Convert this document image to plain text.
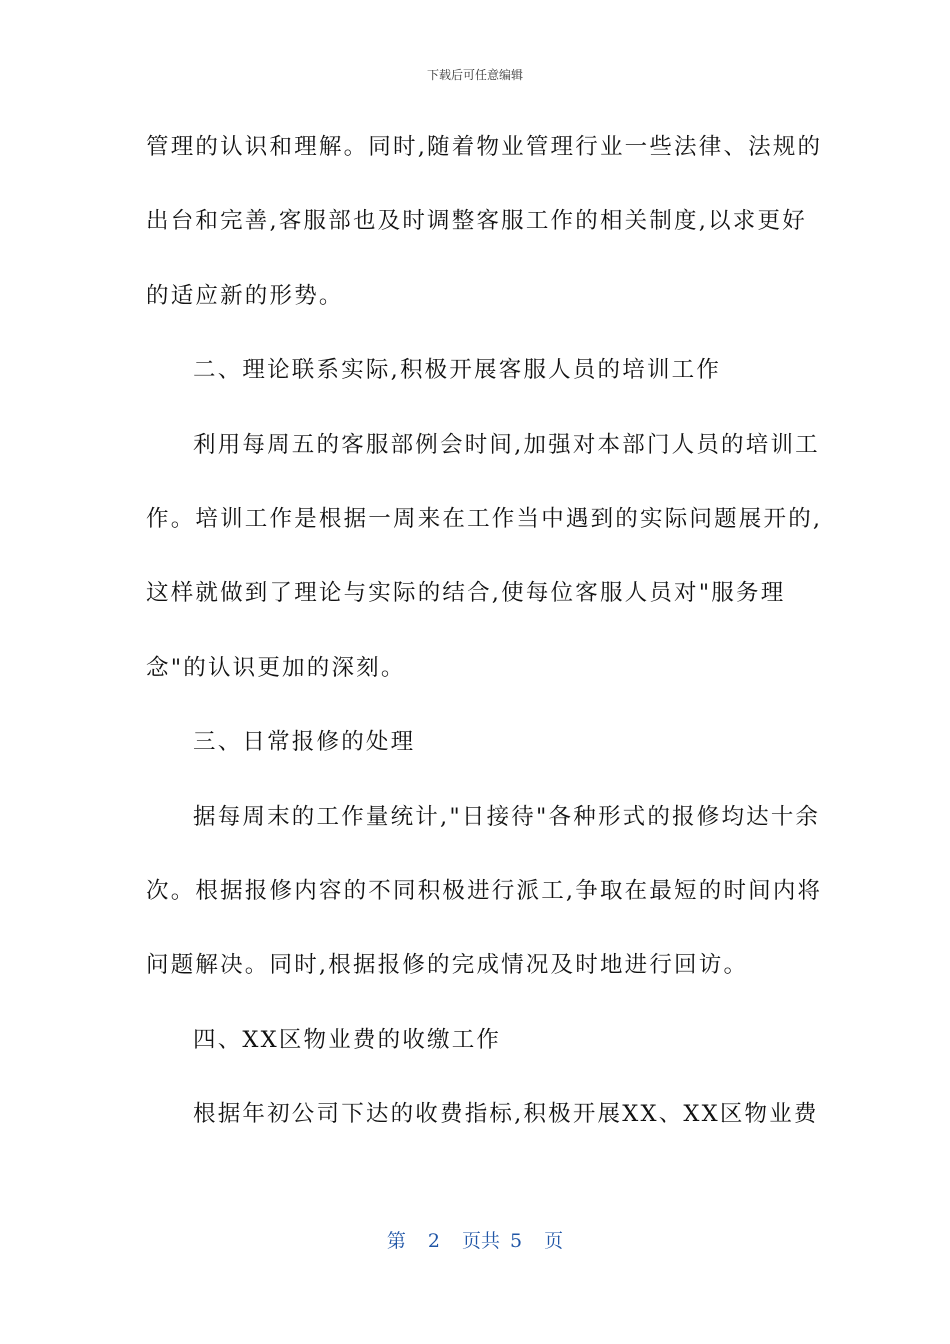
下载后可任意编辑
管理的认识和理解。同时,随着物业管理行业一些法律、法规的
出台和完善,客服部也及时调整客服工作的相关制度,以求更好
的适应新的形势。
二、理论联系实际,积极开展客服人员的培训工作
利用每周五的客服部例会时间,加强对本部门人员的培训工
作。培训工作是根据一周来在工作当中遇到的实际问题展开的,
这样就做到了理论与实际的结合,使每位客服人员对"服务理
念"的认识更加的深刻。
三、日常报修的处理
据每周末的工作量统计,"日接待"各种形式的报修均达十余
次。根据报修内容的不同积极进行派工,争取在最短的时间内将
问题解决。同时,根据报修的完成情况及时地进行回访。
四、XX区物业费的收缴工作
根据年初公司下达的收费指标,积极开展XX、XX区物业费
第 2 页共 5 页
